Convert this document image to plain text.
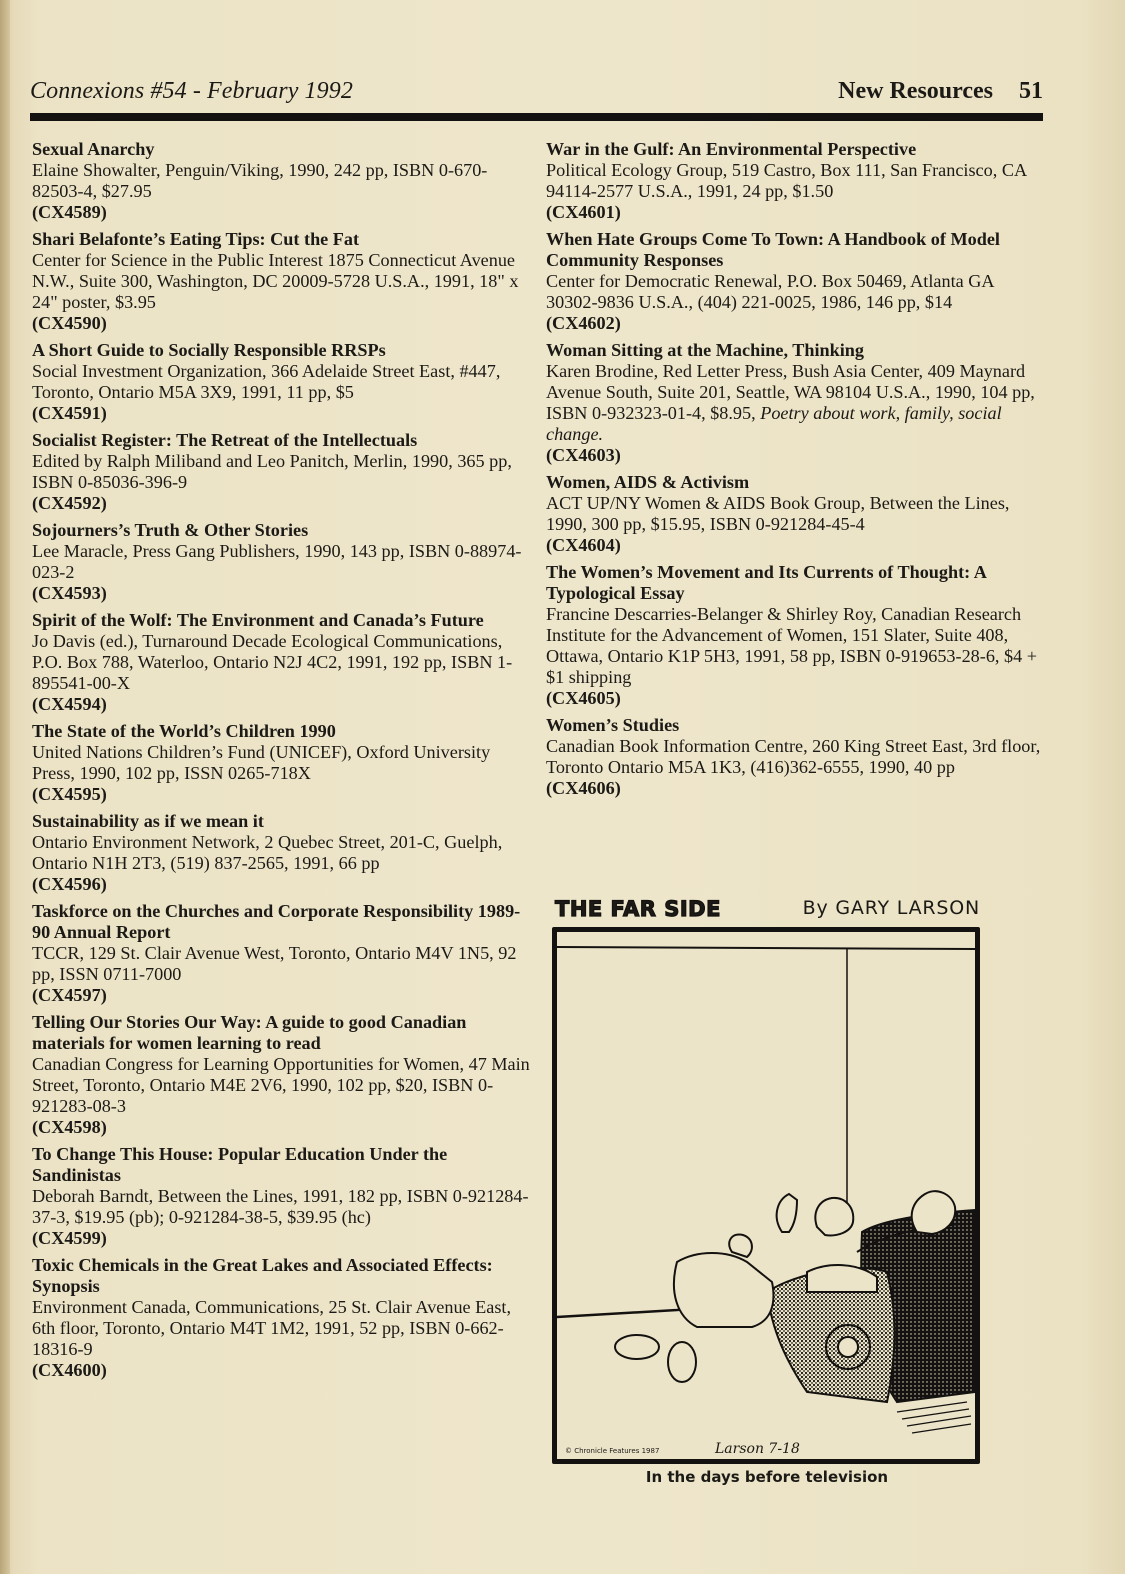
Connexions #54 - February 1992	New Resources 51
Sexual Anarchy
Elaine Showalter, Penguin/Viking, 1990, 242 pp, ISBN 0-670-82503-4, $27.95
(CX4589)
Shari Belafonte’s Eating Tips: Cut the Fat
Center for Science in the Public Interest 1875 Connecticut Avenue N.W., Suite 300, Washington, DC 20009-5728 U.S.A., 1991, 18" x 24" poster, $3.95
(CX4590)
A Short Guide to Socially Responsible RRSPs
Social Investment Organization, 366 Adelaide Street East, #447, Toronto, Ontario M5A 3X9, 1991, 11 pp, $5
(CX4591)
Socialist Register: The Retreat of the Intellectuals
Edited by Ralph Miliband and Leo Panitch, Merlin, 1990, 365 pp, ISBN 0-85036-396-9
(CX4592)
Sojourners’s Truth & Other Stories
Lee Maracle, Press Gang Publishers, 1990, 143 pp, ISBN 0-88974-023-2
(CX4593)
Spirit of the Wolf: The Environment and Canada’s Future
Jo Davis (ed.), Turnaround Decade Ecological Communications, P.O. Box 788, Waterloo, Ontario N2J 4C2, 1991, 192 pp, ISBN 1-895541-00-X
(CX4594)
The State of the World’s Children 1990
United Nations Children’s Fund (UNICEF), Oxford University Press, 1990, 102 pp, ISSN 0265-718X
(CX4595)
Sustainability as if we mean it
Ontario Environment Network, 2 Quebec Street, 201-C, Guelph, Ontario N1H 2T3, (519) 837-2565, 1991, 66 pp
(CX4596)
Taskforce on the Churches and Corporate Responsibility 1989-90 Annual Report
TCCR, 129 St. Clair Avenue West, Toronto, Ontario M4V 1N5, 92 pp, ISSN 0711-7000
(CX4597)
Telling Our Stories Our Way: A guide to good Canadian materials for women learning to read
Canadian Congress for Learning Opportunities for Women, 47 Main Street, Toronto, Ontario M4E 2V6, 1990, 102 pp, $20, ISBN 0-921283-08-3
(CX4598)
To Change This House: Popular Education Under the Sandinistas
Deborah Barndt, Between the Lines, 1991, 182 pp, ISBN 0-921284-37-3, $19.95 (pb); 0-921284-38-5, $39.95 (hc)
(CX4599)
Toxic Chemicals in the Great Lakes and Associated Effects: Synopsis
Environment Canada, Communications, 25 St. Clair Avenue East, 6th floor, Toronto, Ontario M4T 1M2, 1991, 52 pp, ISBN 0-662-18316-9
(CX4600)
War in the Gulf: An Environmental Perspective
Political Ecology Group, 519 Castro, Box 111, San Francisco, CA 94114-2577 U.S.A., 1991, 24 pp, $1.50
(CX4601)
When Hate Groups Come To Town: A Handbook of Model Community Responses
Center for Democratic Renewal, P.O. Box 50469, Atlanta GA 30302-9836 U.S.A., (404) 221-0025, 1986, 146 pp, $14
(CX4602)
Woman Sitting at the Machine, Thinking
Karen Brodine, Red Letter Press, Bush Asia Center, 409 Maynard Avenue South, Suite 201, Seattle, WA 98104 U.S.A., 1990, 104 pp, ISBN 0-932323-01-4, $8.95, Poetry about work, family, social change.
(CX4603)
Women, AIDS & Activism
ACT UP/NY Women & AIDS Book Group, Between the Lines, 1990, 300 pp, $15.95, ISBN 0-921284-45-4
(CX4604)
The Women’s Movement and Its Currents of Thought: A Typological Essay
Francine Descarries-Belanger & Shirley Roy, Canadian Research Institute for the Advancement of Women, 151 Slater, Suite 408, Ottawa, Ontario K1P 5H3, 1991, 58 pp, ISBN 0-919653-28-6, $4 + $1 shipping
(CX4605)
Women’s Studies
Canadian Book Information Centre, 260 King Street East, 3rd floor, Toronto Ontario M5A 1K3, (416)362-6555, 1990, 40 pp
(CX4606)
THE FAR SIDE	By GARY LARSON
© Chronicle Features 1987	Larson 7-18
In the days before television
